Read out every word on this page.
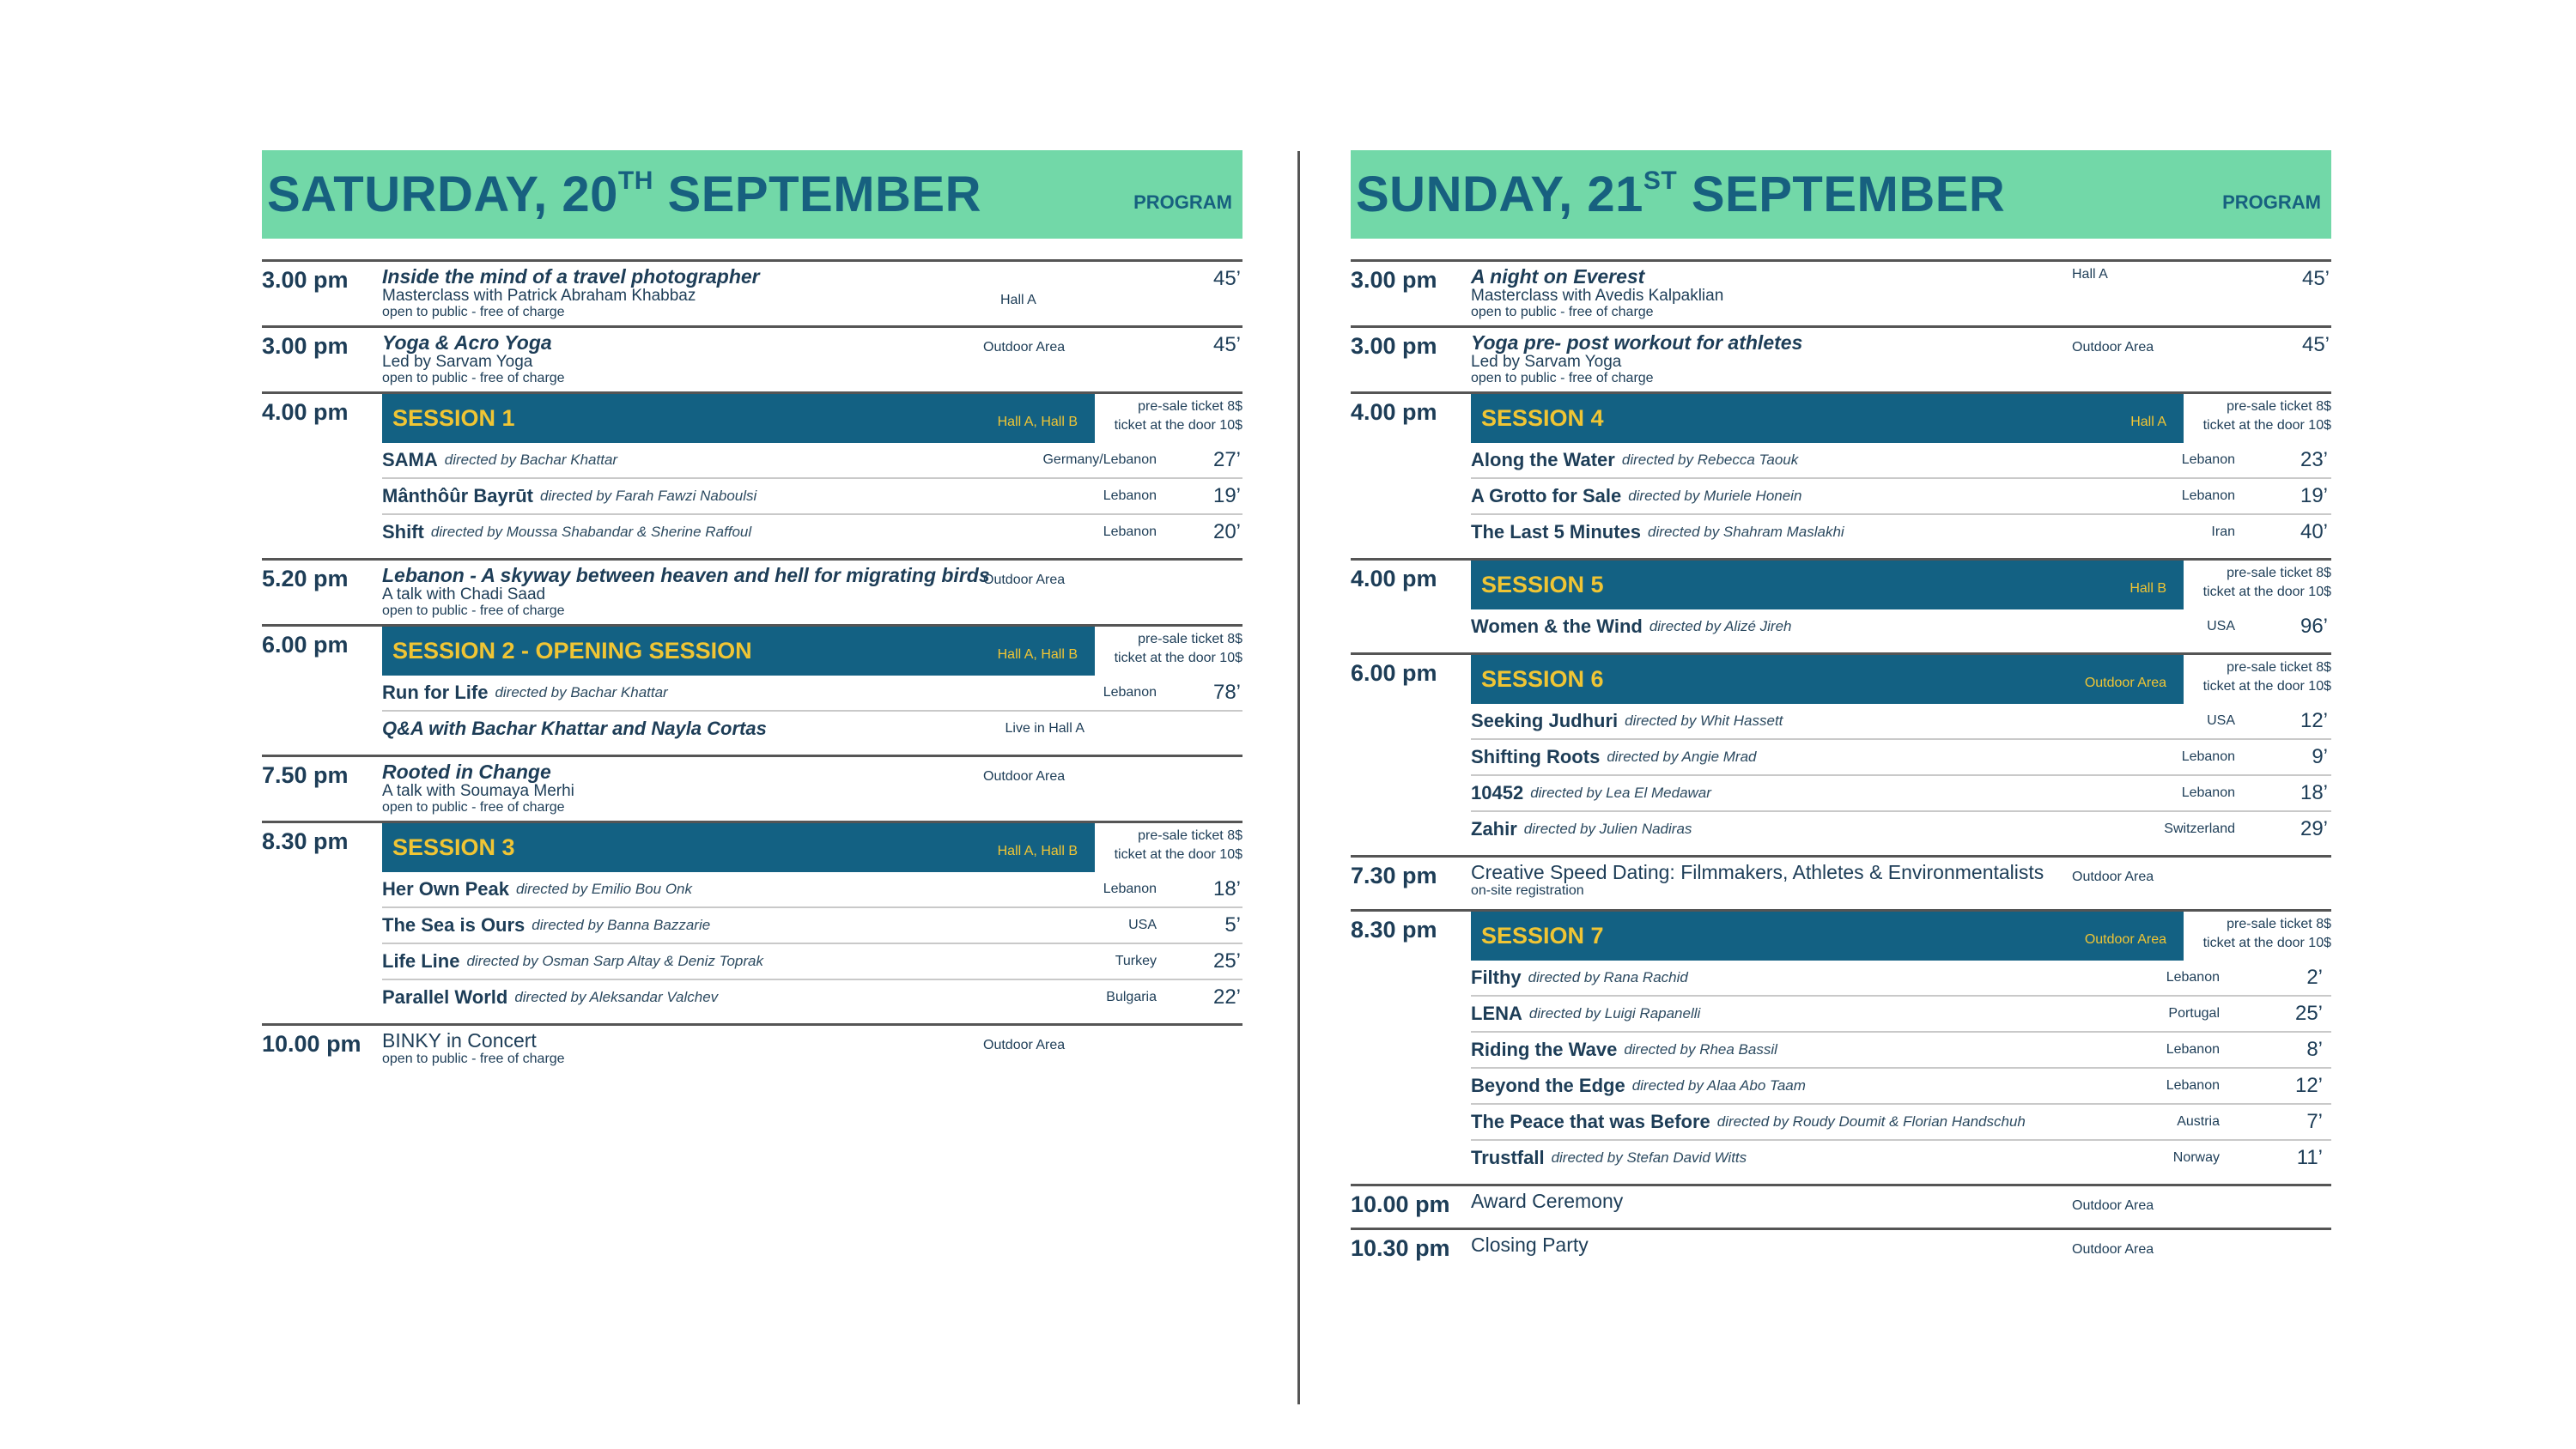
SATURDAY, 20TH SEPTEMBER	PROGRAM
3.00 pm	Inside the mind of a travel photographer
Masterclass with Patrick Abraham Khabbaz
open to public - free of charge
Hall A
45’
3.00 pm	Yoga & Acro Yoga
Led by Sarvam Yoga
open to public - free of charge
Outdoor Area	45’
4.00 pm	SESSION 1	Hall A, Hall B
pre-sale ticket 8$
ticket at the door 10$
SAMA directed by Bachar Khattar	Germany/Lebanon	27’
Mânthôûr Bayrūt directed by Farah Fawzi Naboulsi	Lebanon	19’
Shift directed by Moussa Shabandar & Sherine Raffoul	Lebanon	20’
5.20 pm	Lebanon - A skyway between heaven and hell for migrating birds
A talk with Chadi Saad
open to public - free of charge
Outdoor Area
6.00 pm	SESSION 2 - OPENING SESSION	Hall A, Hall B
pre-sale ticket 8$
ticket at the door 10$
Run for Life directed by Bachar Khattar	Lebanon	78’
Q&A with Bachar Khattar and Nayla Cortas	Live in Hall A
7.50 pm	Rooted in Change
A talk with Soumaya Merhi
open to public - free of charge
Outdoor Area
8.30 pm	SESSION 3	Hall A, Hall B
pre-sale ticket 8$
ticket at the door 10$
Her Own Peak directed by Emilio Bou Onk	Lebanon	18’
The Sea is Ours directed by Banna Bazzarie	USA	5’
Life Line directed by Osman Sarp Altay & Deniz Toprak	Turkey	25’
Parallel World directed by Aleksandar Valchev	Bulgaria	22’
10.00 pm	BINKY in Concert
open to public - free of charge
Outdoor Area
SUNDAY, 21ST SEPTEMBER	PROGRAM
3.00 pm	A night on Everest
Masterclass with Avedis Kalpaklian
open to public - free of charge
Hall A	45’
3.00 pm	Yoga pre- post workout for athletes
Led by Sarvam Yoga
open to public - free of charge
Outdoor Area	45’
4.00 pm	SESSION 4	Hall A
pre-sale ticket 8$
ticket at the door 10$
Along the Water directed by Rebecca Taouk	Lebanon	23’
A Grotto for Sale directed by Muriele Honein	Lebanon	19’
The Last 5 Minutes directed by Shahram Maslakhi	Iran	40’
4.00 pm	SESSION 5	Hall B
pre-sale ticket 8$
ticket at the door 10$
Women & the Wind directed by Alizé Jireh	USA	96’
6.00 pm	SESSION 6	Outdoor Area
pre-sale ticket 8$
ticket at the door 10$
Seeking Judhuri directed by Whit Hassett	USA	12’
Shifting Roots directed by Angie Mrad	Lebanon	9’
10452 directed by Lea El Medawar	Lebanon	18’
Zahir directed by Julien Nadiras	Switzerland	29’
7.30 pm	Creative Speed Dating: Filmmakers, Athletes & Environmentalists
on-site registration
Outdoor Area
8.30 pm	SESSION 7	Outdoor Area
pre-sale ticket 8$
ticket at the door 10$
Filthy directed by Rana Rachid	Lebanon	2’
LENA directed by Luigi Rapanelli	Portugal	25’
Riding the Wave directed by Rhea Bassil	Lebanon	8’
Beyond the Edge directed by Alaa Abo Taam	Lebanon	12’
The Peace that was Before directed by Roudy Doumit & Florian Handschuh	Austria	7’
Trustfall directed by Stefan David Witts	Norway	11’
10.00 pm	Award Ceremony	Outdoor Area
10.30 pm	Closing Party	Outdoor Area
